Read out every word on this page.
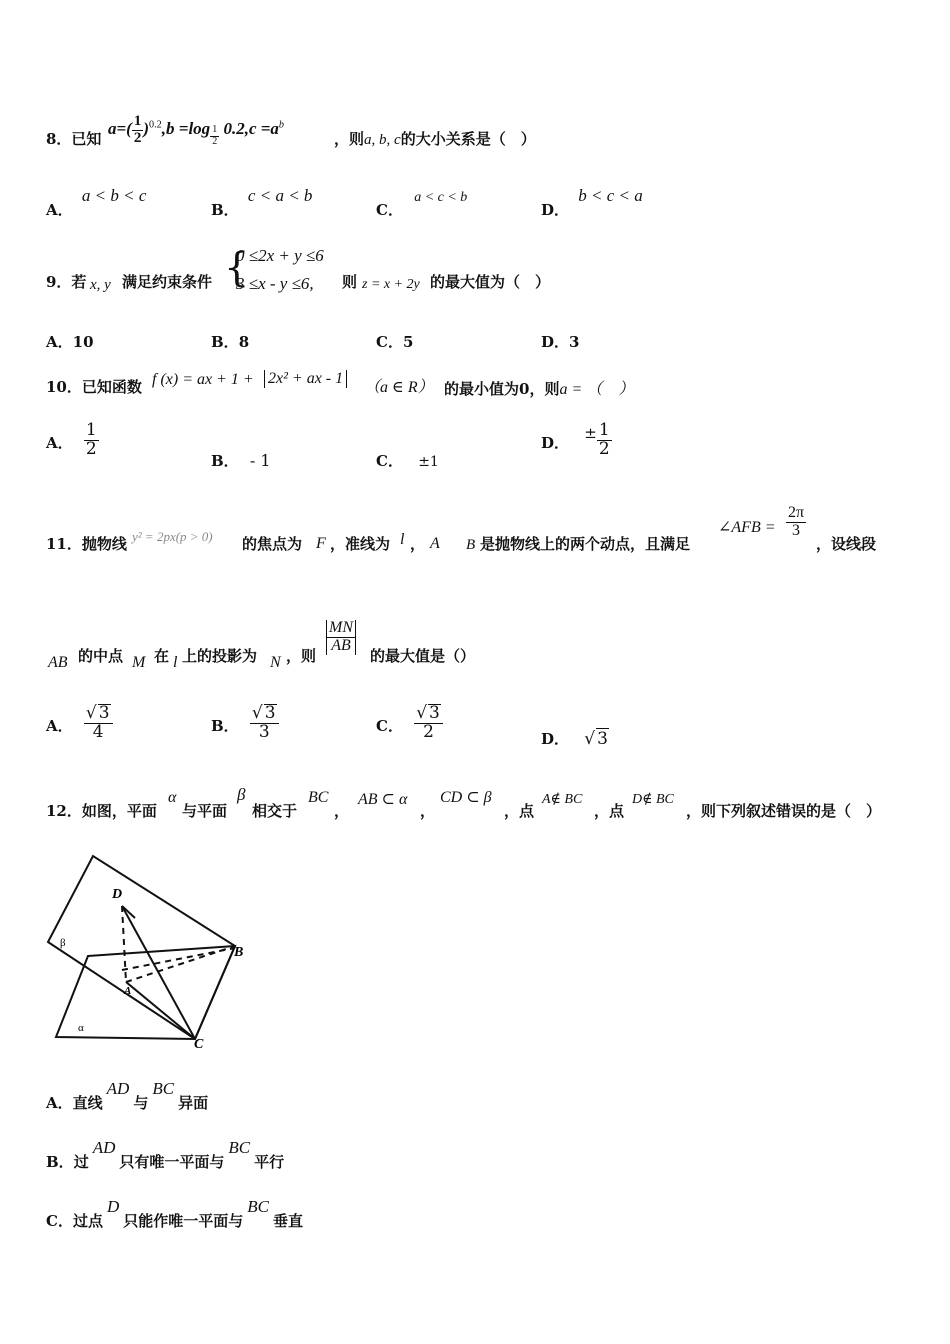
8．已知
$a=( \frac{1}{2} )^{0.2},b =\log$ $_{\frac{1}{2}}$ $0.2,c =a^b$
，则a, b, c的大小关系是（　）
A． a < b < c
B． c < a < b
C． a < c < b
D． b < c < a
9．若 x, y 满足约束条件 {
0 ≤2x + y ≤6
3 ≤x - y ≤6, 则 z = x + 2y 的最大值为（　）
A．10	B．8	C．5	D．3
10．已知函数 f (x) = ax + 1 + 2x² + ax - 1
（a ∈ R） 的最小值为0，则a = （　）
A． $\frac{1}{2}$
B． - 1	C． ±1
D． ± $\frac{1}{2}$
11．抛物线 y² = 2px(p > 0) 的焦点为 F ，准线为 l ， A B 是抛物线上的两个动点，且满足
∠AFB = $\frac{2\pi}{3}$
，设线段
AB 的中点 M 在 l 上的投影为 N ，则
$\frac{MN}{AB}$
的最大值是（）
A． $\frac{√ 3}{4}$	B． $\frac{√ 3}{3}$	C． $\frac{√ 3}{2}$	D． √ 3
12．如图，平面
α
与平面
β
相交于
BC
，
AB ⊂ α
，
CD ⊂ β
，点
A∉ BC
，点
D∉ BC
，则下列叙述错误的是（　）
D
B
A
C
β
α
A．直线AD与BC异面
B．过AD只有唯一平面与BC平行
C．过点D只能作唯一平面与BC垂直
